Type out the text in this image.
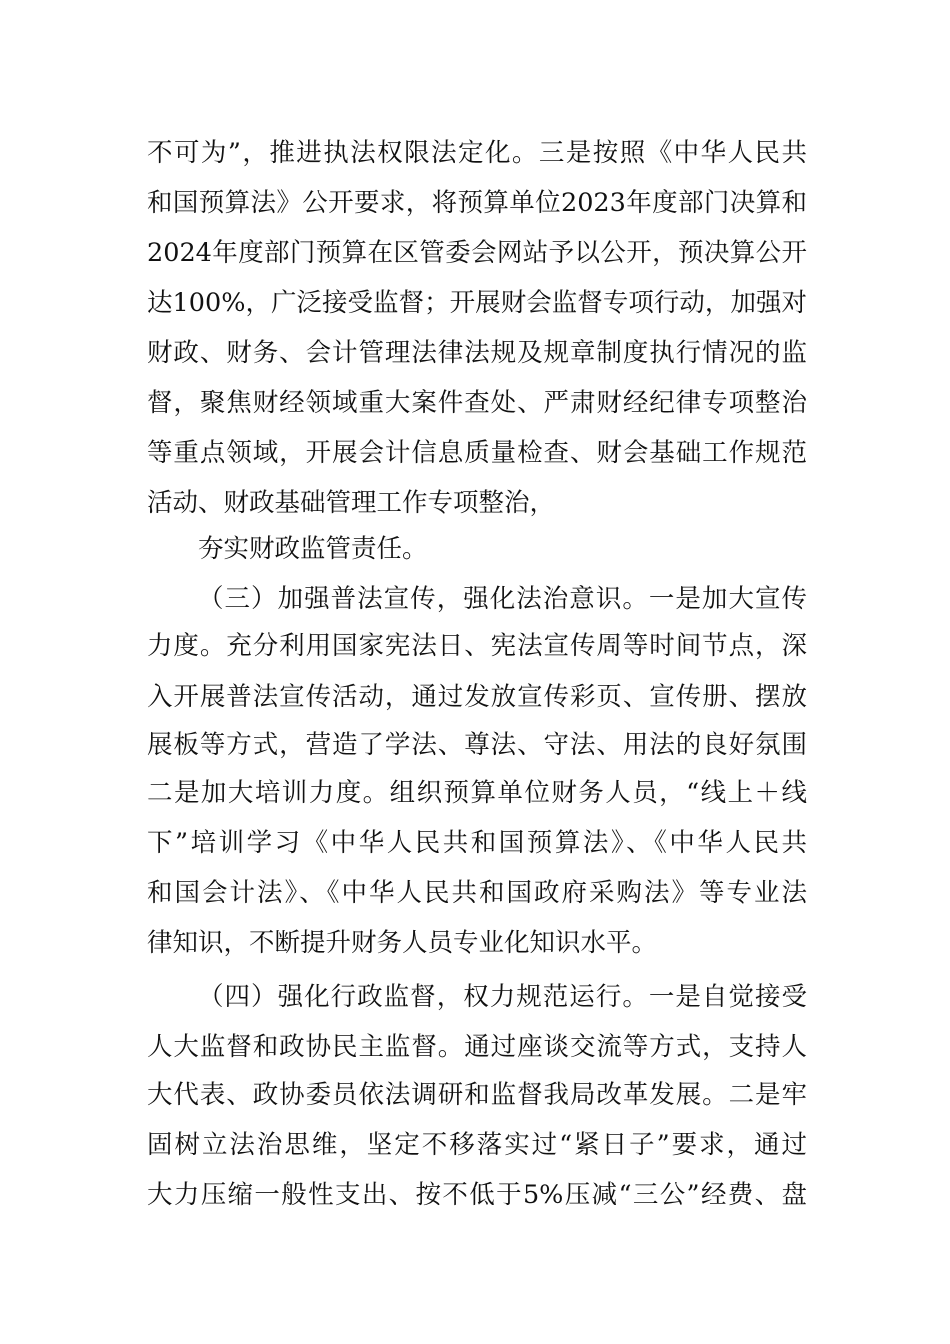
不可为”，推进执法权限法定化。三是按照《中华人民共
和国预算法》公开要求，将预算单位2023年度部门决算和
2024年度部门预算在区管委会网站予以公开，预决算公开
达100%，广泛接受监督；开展财会监督专项行动，加强对
财政、财务、会计管理法律法规及规章制度执行情况的监
督，聚焦财经领域重大案件查处、严肃财经纪律专项整治
等重点领域，开展会计信息质量检查、财会基础工作规范
活动、财政基础管理工作专项整治，
夯实财政监管责任。
（三）加强普法宣传，强化法治意识。一是加大宣传
力度。充分利用国家宪法日、宪法宣传周等时间节点，深
入开展普法宣传活动，通过发放宣传彩页、宣传册、摆放
展板等方式，营造了学法、尊法、守法、用法的良好氛围
二是加大培训力度。组织预算单位财务人员，“线上＋线
下”培训学习《中华人民共和国预算法》、《中华人民共
和国会计法》、《中华人民共和国政府采购法》等专业法
律知识，不断提升财务人员专业化知识水平。
（四）强化行政监督，权力规范运行。一是自觉接受
人大监督和政协民主监督。通过座谈交流等方式，支持人
大代表、政协委员依法调研和监督我局改革发展。二是牢
固树立法治思维，坚定不移落实过“紧日子”要求，通过
大力压缩一般性支出、按不低于5%压减“三公”经费、盘
